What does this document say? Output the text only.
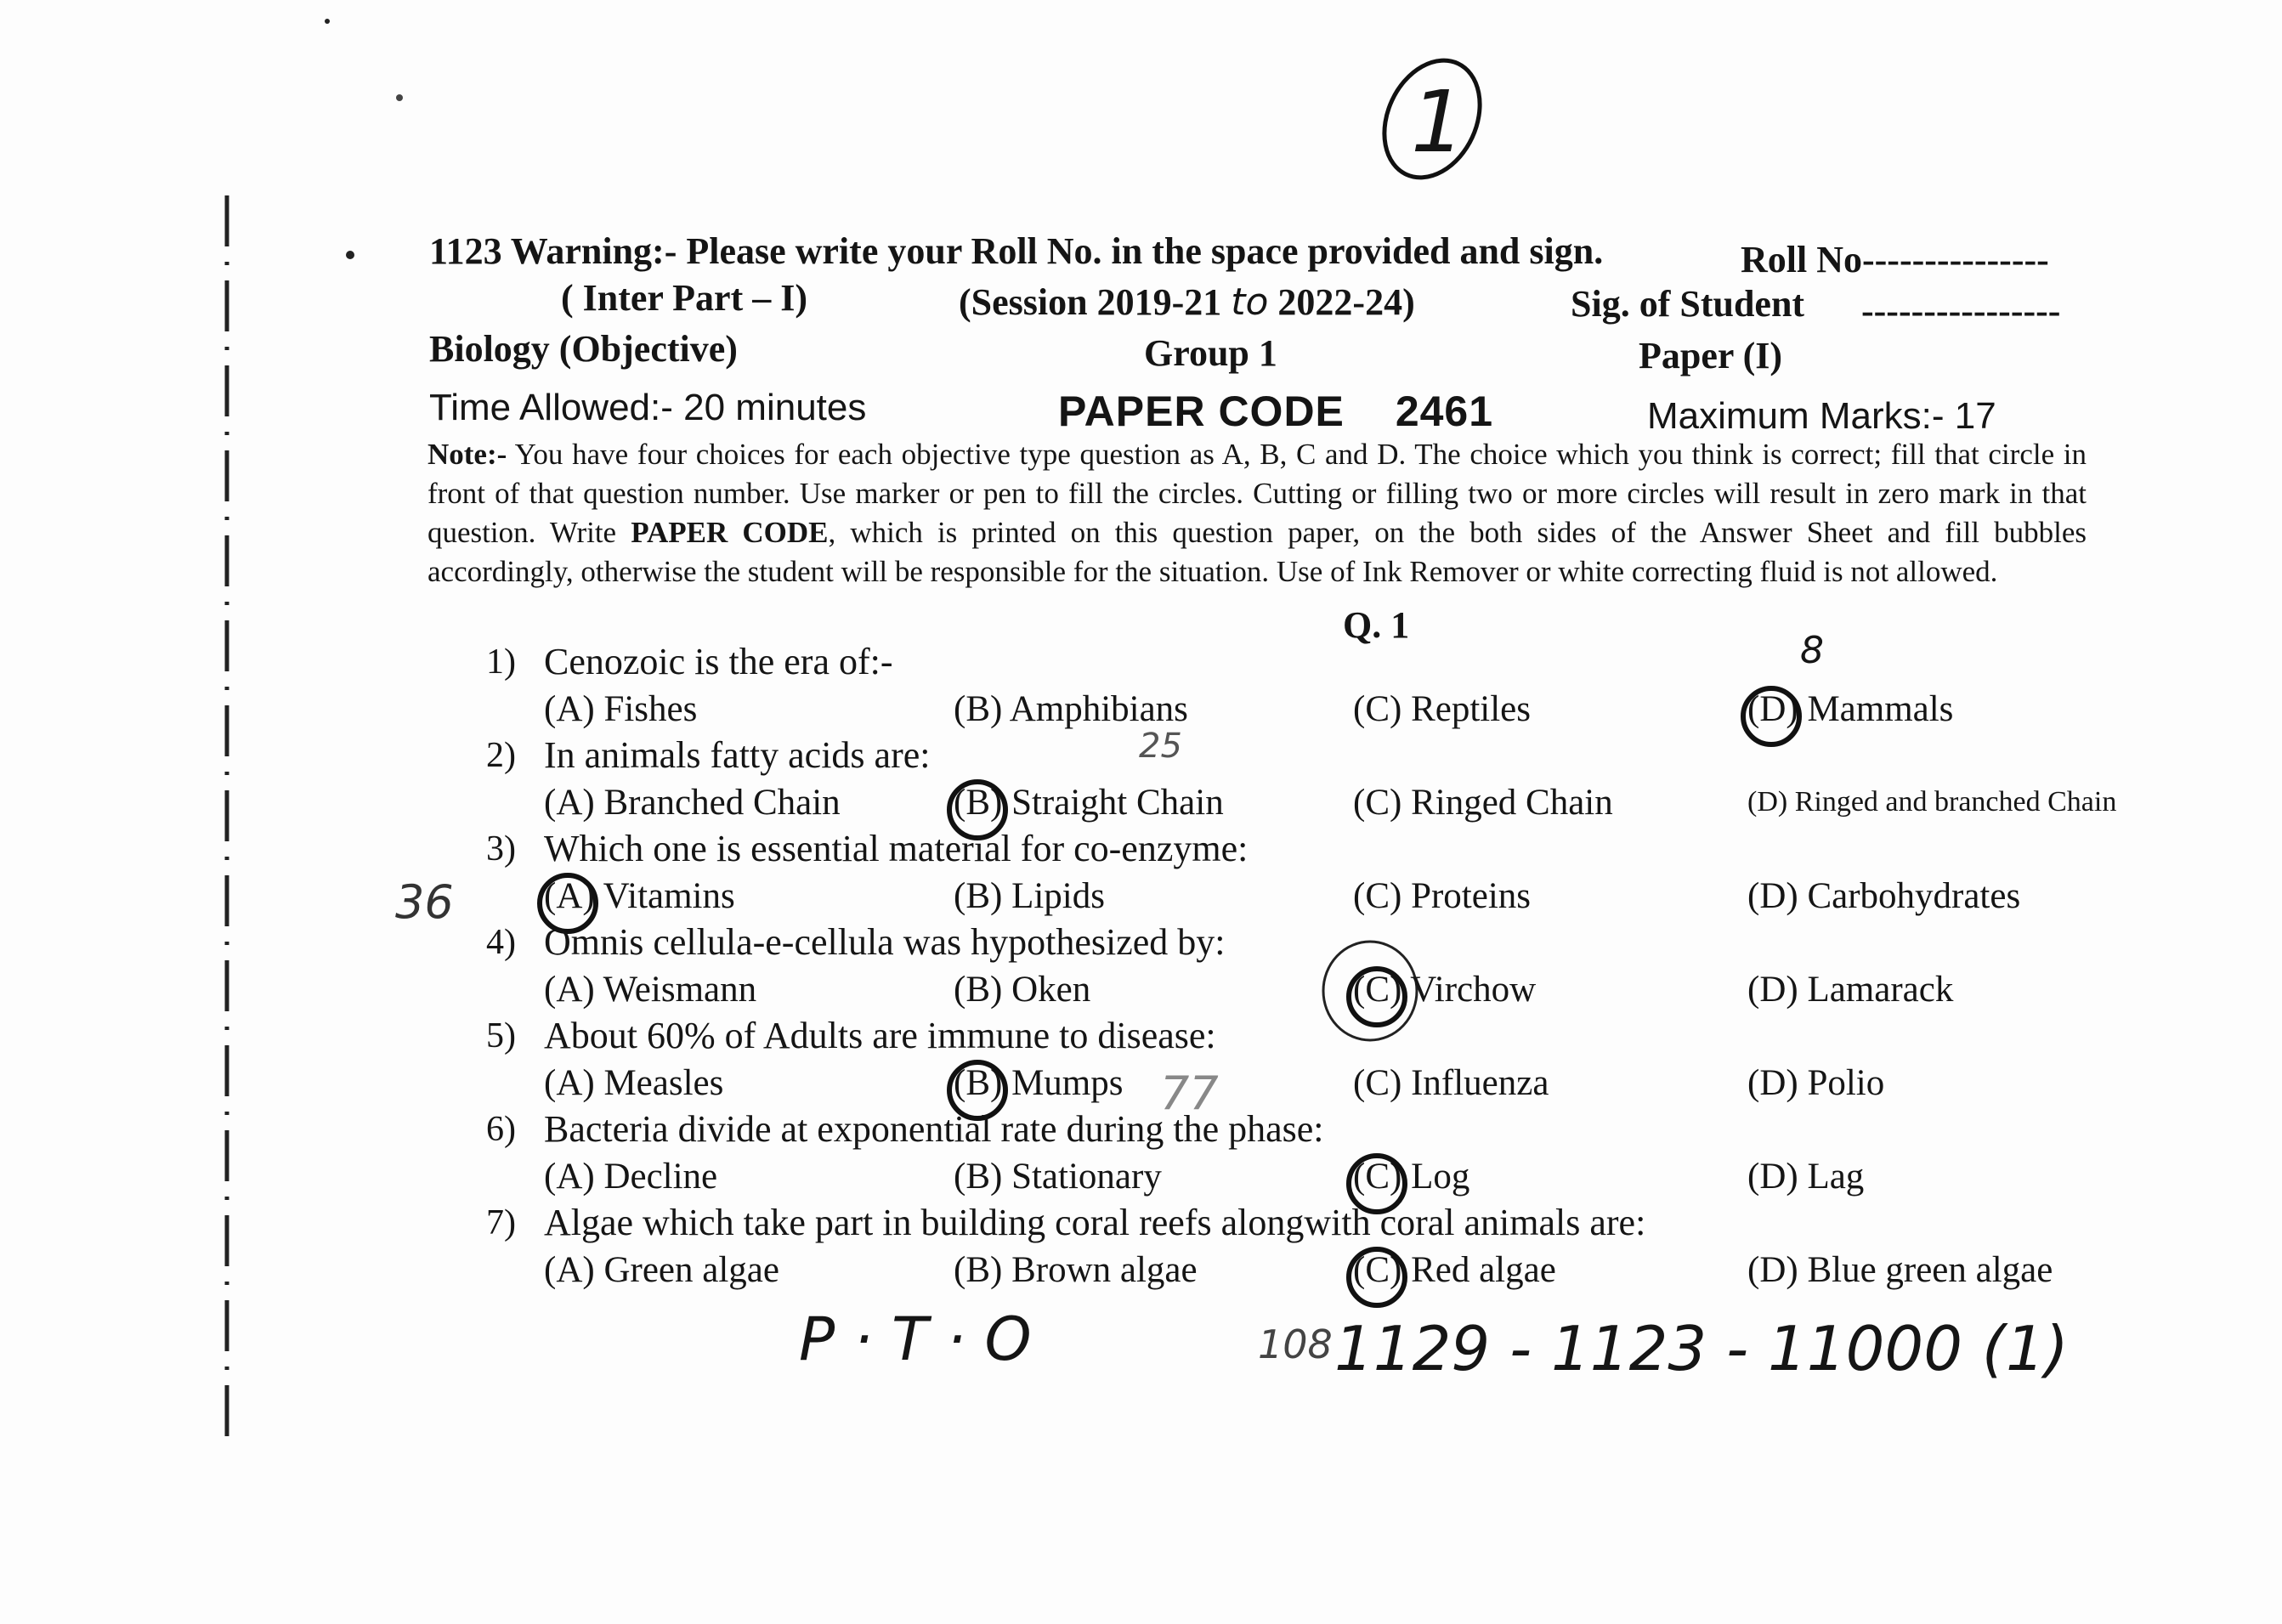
1
1123 Warning:- Please write your Roll No. in the space provided and sign.	Roll No---------------
( Inter Part – I)	(Session 2019-21 to 2022-24)	Sig. of Student ----------------
Biology (Objective)	Group 1	Paper (I)
Time Allowed:- 20 minutes	PAPER CODE 2461	Maximum Marks:- 17
Note:- You have four choices for each objective type question as A, B, C and D. The choice which you think is correct; fill that circle in front of that question number. Use marker or pen to fill the circles. Cutting or filling two or more circles will result in zero mark in that question. Write PAPER CODE, which is printed on this question paper, on the both sides of the Answer Sheet and fill bubbles accordingly, otherwise the student will be responsible for the situation. Use of Ink Remover or white correcting fluid is not allowed.
Q. 1
1) Cenozoic is the era of:-
(A) Fishes	(B) Amphibians	(C) Reptiles	(D) Mammals
2) In animals fatty acids are:
(A) Branched Chain	(B) Straight Chain	(C) Ringed Chain	(D) Ringed and branched Chain
3) Which one is essential material for co-enzyme:
(A) Vitamins	(B) Lipids	(C) Proteins	(D) Carbohydrates
4) Omnis cellula-e-cellula was hypothesized by:
(A) Weismann	(B) Oken	(C) Virchow	(D) Lamarack
5) About 60% of Adults are immune to disease:
(A) Measles	(B) Mumps	(C) Influenza	(D) Polio
6) Bacteria divide at exponential rate during the phase:
(A) Decline	(B) Stationary	(C) Log	(D) Lag
7) Algae which take part in building coral reefs alongwith coral animals are:
(A) Green algae	(B) Brown algae	(C) Red algae	(D) Blue green algae
8
25
36
77
P · T · O	108 1129 - 1123 - 11000 (1)
